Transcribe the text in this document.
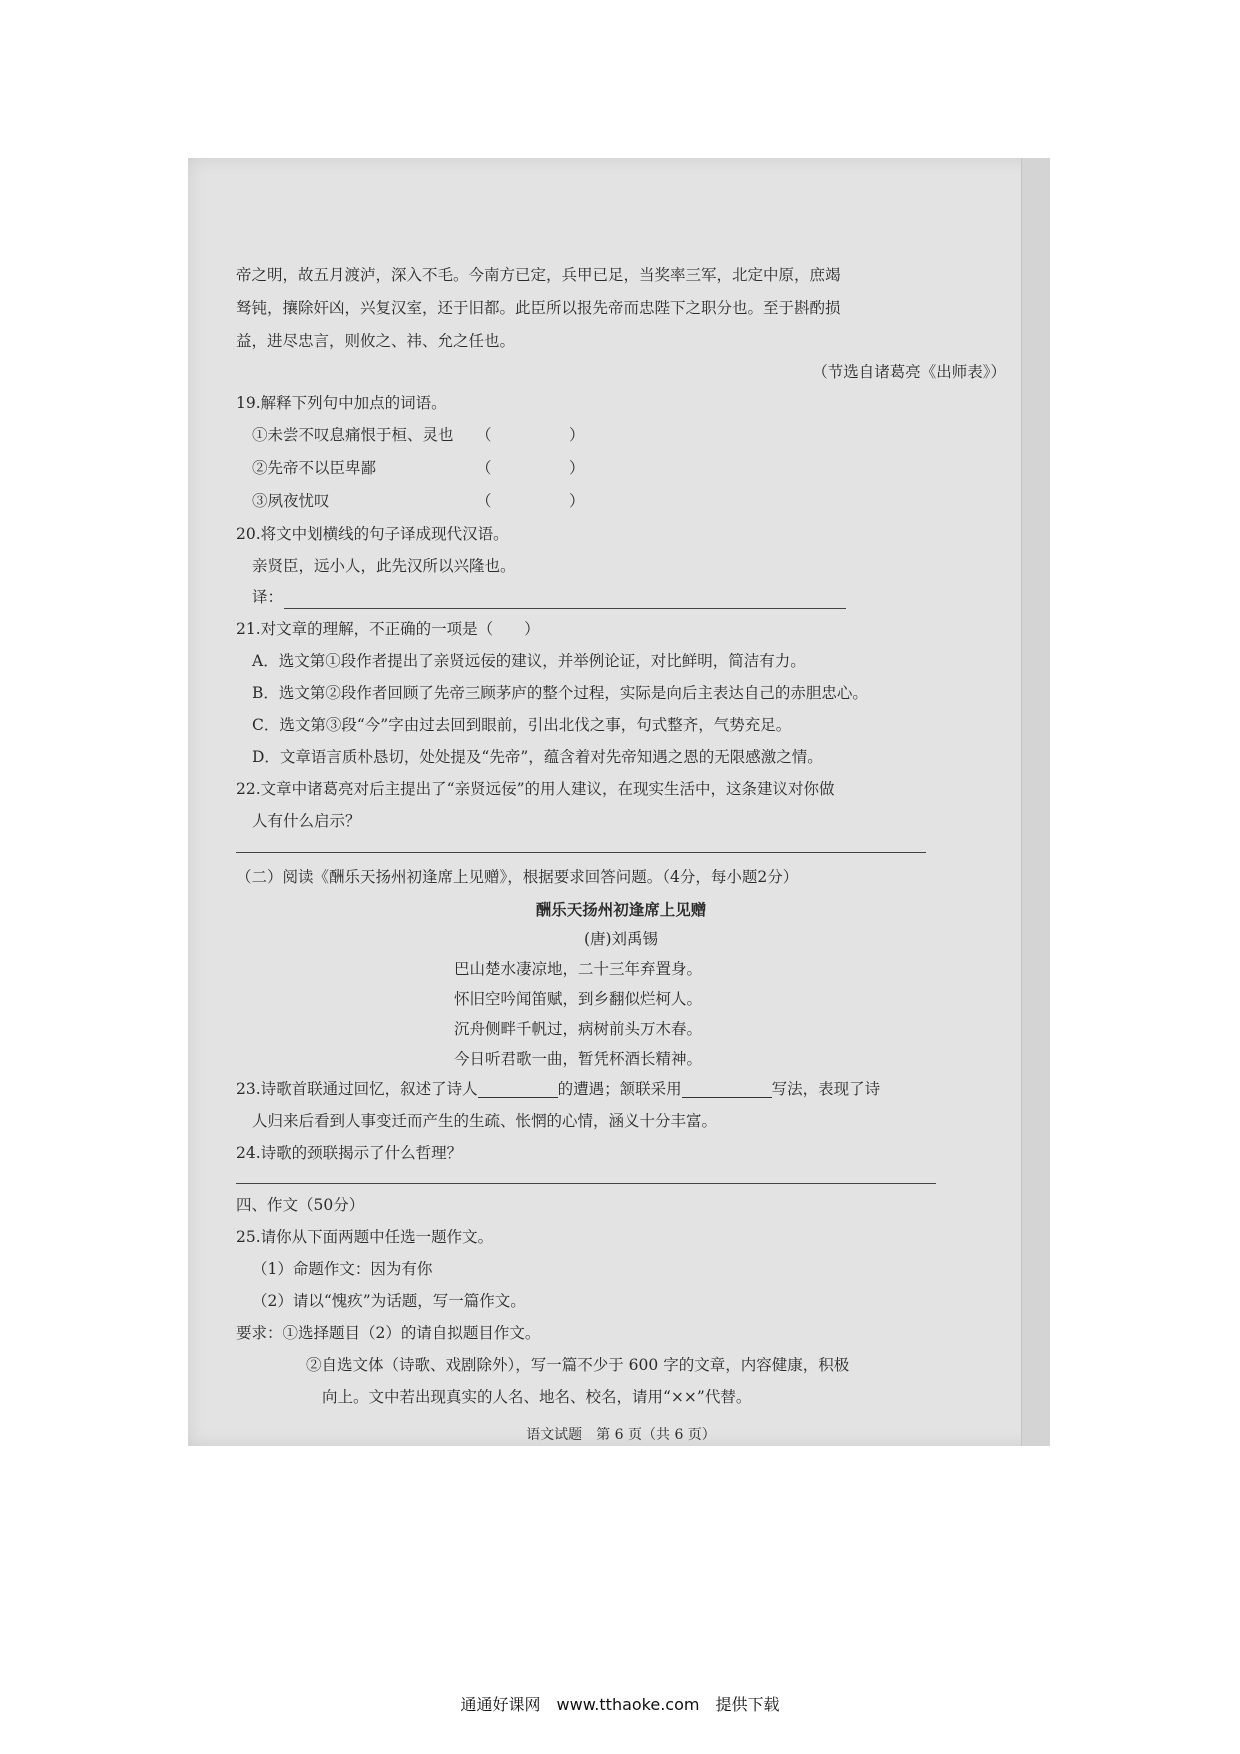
帝之明，故五月渡泸，深入不毛。今南方已定，兵甲已足，当奖率三军，北定中原，庶竭
驽钝，攘除奸凶，兴复汉室，还于旧都。此臣所以报先帝而忠陛下之职分也。至于斟酌损
益，进尽忠言，则攸之、祎、允之任也。
（节选自诸葛亮《出师表》）
19.解释下列句中加点的词语。
①未尝不叹息痛恨于桓、灵也 （　　　　　）
②先帝不以臣卑鄙	（　　　　　）
③夙夜忧叹	（　　　　　）
20.将文中划横线的句子译成现代汉语。
亲贤臣，远小人，此先汉所以兴隆也。
译：
21.对文章的理解，不正确的一项是（　　）
A．选文第①段作者提出了亲贤远佞的建议，并举例论证，对比鲜明，简洁有力。
B．选文第②段作者回顾了先帝三顾茅庐的整个过程，实际是向后主表达自己的赤胆忠心。
C．选文第③段“今”字由过去回到眼前，引出北伐之事，句式整齐，气势充足。
D．文章语言质朴恳切，处处提及“先帝”，蕴含着对先帝知遇之恩的无限感激之情。
22.文章中诸葛亮对后主提出了“亲贤远佞”的用人建议，在现实生活中，这条建议对你做
人有什么启示？
（二）阅读《酬乐天扬州初逢席上见赠》，根据要求回答问题。（4分，每小题2分）
酬乐天扬州初逢席上见赠
(唐)刘禹锡
巴山楚水凄凉地，二十三年弃置身。
怀旧空吟闻笛赋，到乡翻似烂柯人。
沉舟侧畔千帆过，病树前头万木春。
今日听君歌一曲，暂凭杯酒长精神。
23.诗歌首联通过回忆，叙述了诗人	的遭遇；颔联采用	写法，表现了诗
人归来后看到人事变迁而产生的生疏、怅惘的心情，涵义十分丰富。
24.诗歌的颈联揭示了什么哲理？
四、作文（50分）
25.请你从下面两题中任选一题作文。
（1）命题作文：因为有你
（2）请以“愧疚”为话题，写一篇作文。
要求：①选择题目（2）的请自拟题目作文。
②自选文体（诗歌、戏剧除外），写一篇不少于 600 字的文章，内容健康，积极
向上。文中若出现真实的人名、地名、校名，请用“××”代替。
语文试题　第 6 页（共 6 页）
通通好课网　www.tthaoke.com　提供下载
